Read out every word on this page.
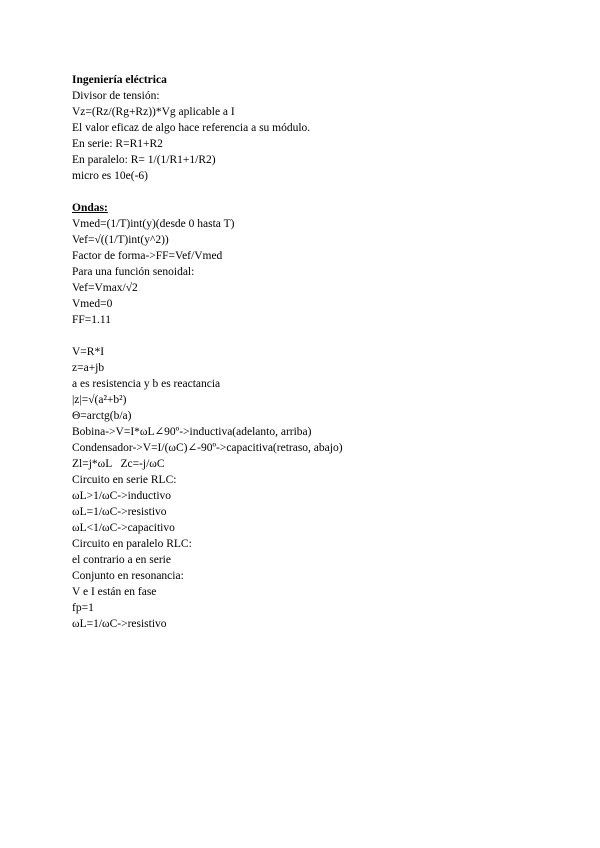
Ingeniería eléctrica
Divisor de tensión:
Vz=(Rz/(Rg+Rz))*Vg aplicable a I
El valor eficaz de algo hace referencia a su módulo.
En serie: R=R1+R2
En paralelo: R= 1/(1/R1+1/R2)
micro es 10e(-6)
Ondas:
Vmed=(1/T)int(y)(desde 0 hasta T)
Vef=√((1/T)int(y^2))
Factor de forma->FF=Vef/Vmed
Para una función senoidal:
Vef=Vmax/√2
Vmed=0
FF=1.11
V=R*I
z=a+jb
a es resistencia y b es reactancia
|z|=√(a²+b²)
Θ=arctg(b/a)
Bobina->V=I*ωL∠90º->inductiva(adelanto, arriba)
Condensador->V=I/(ωC)∠-90º->capacitiva(retraso, abajo)
Zl=j*ωL   Zc=-j/ωC
Circuito en serie RLC:
ωL>1/ωC->inductivo
ωL=1/ωC->resistivo
ωL<1/ωC->capacitivo
Circuito en paralelo RLC:
el contrario a en serie
Conjunto en resonancia:
V e I están en fase
fp=1
ωL=1/ωC->resistivo
